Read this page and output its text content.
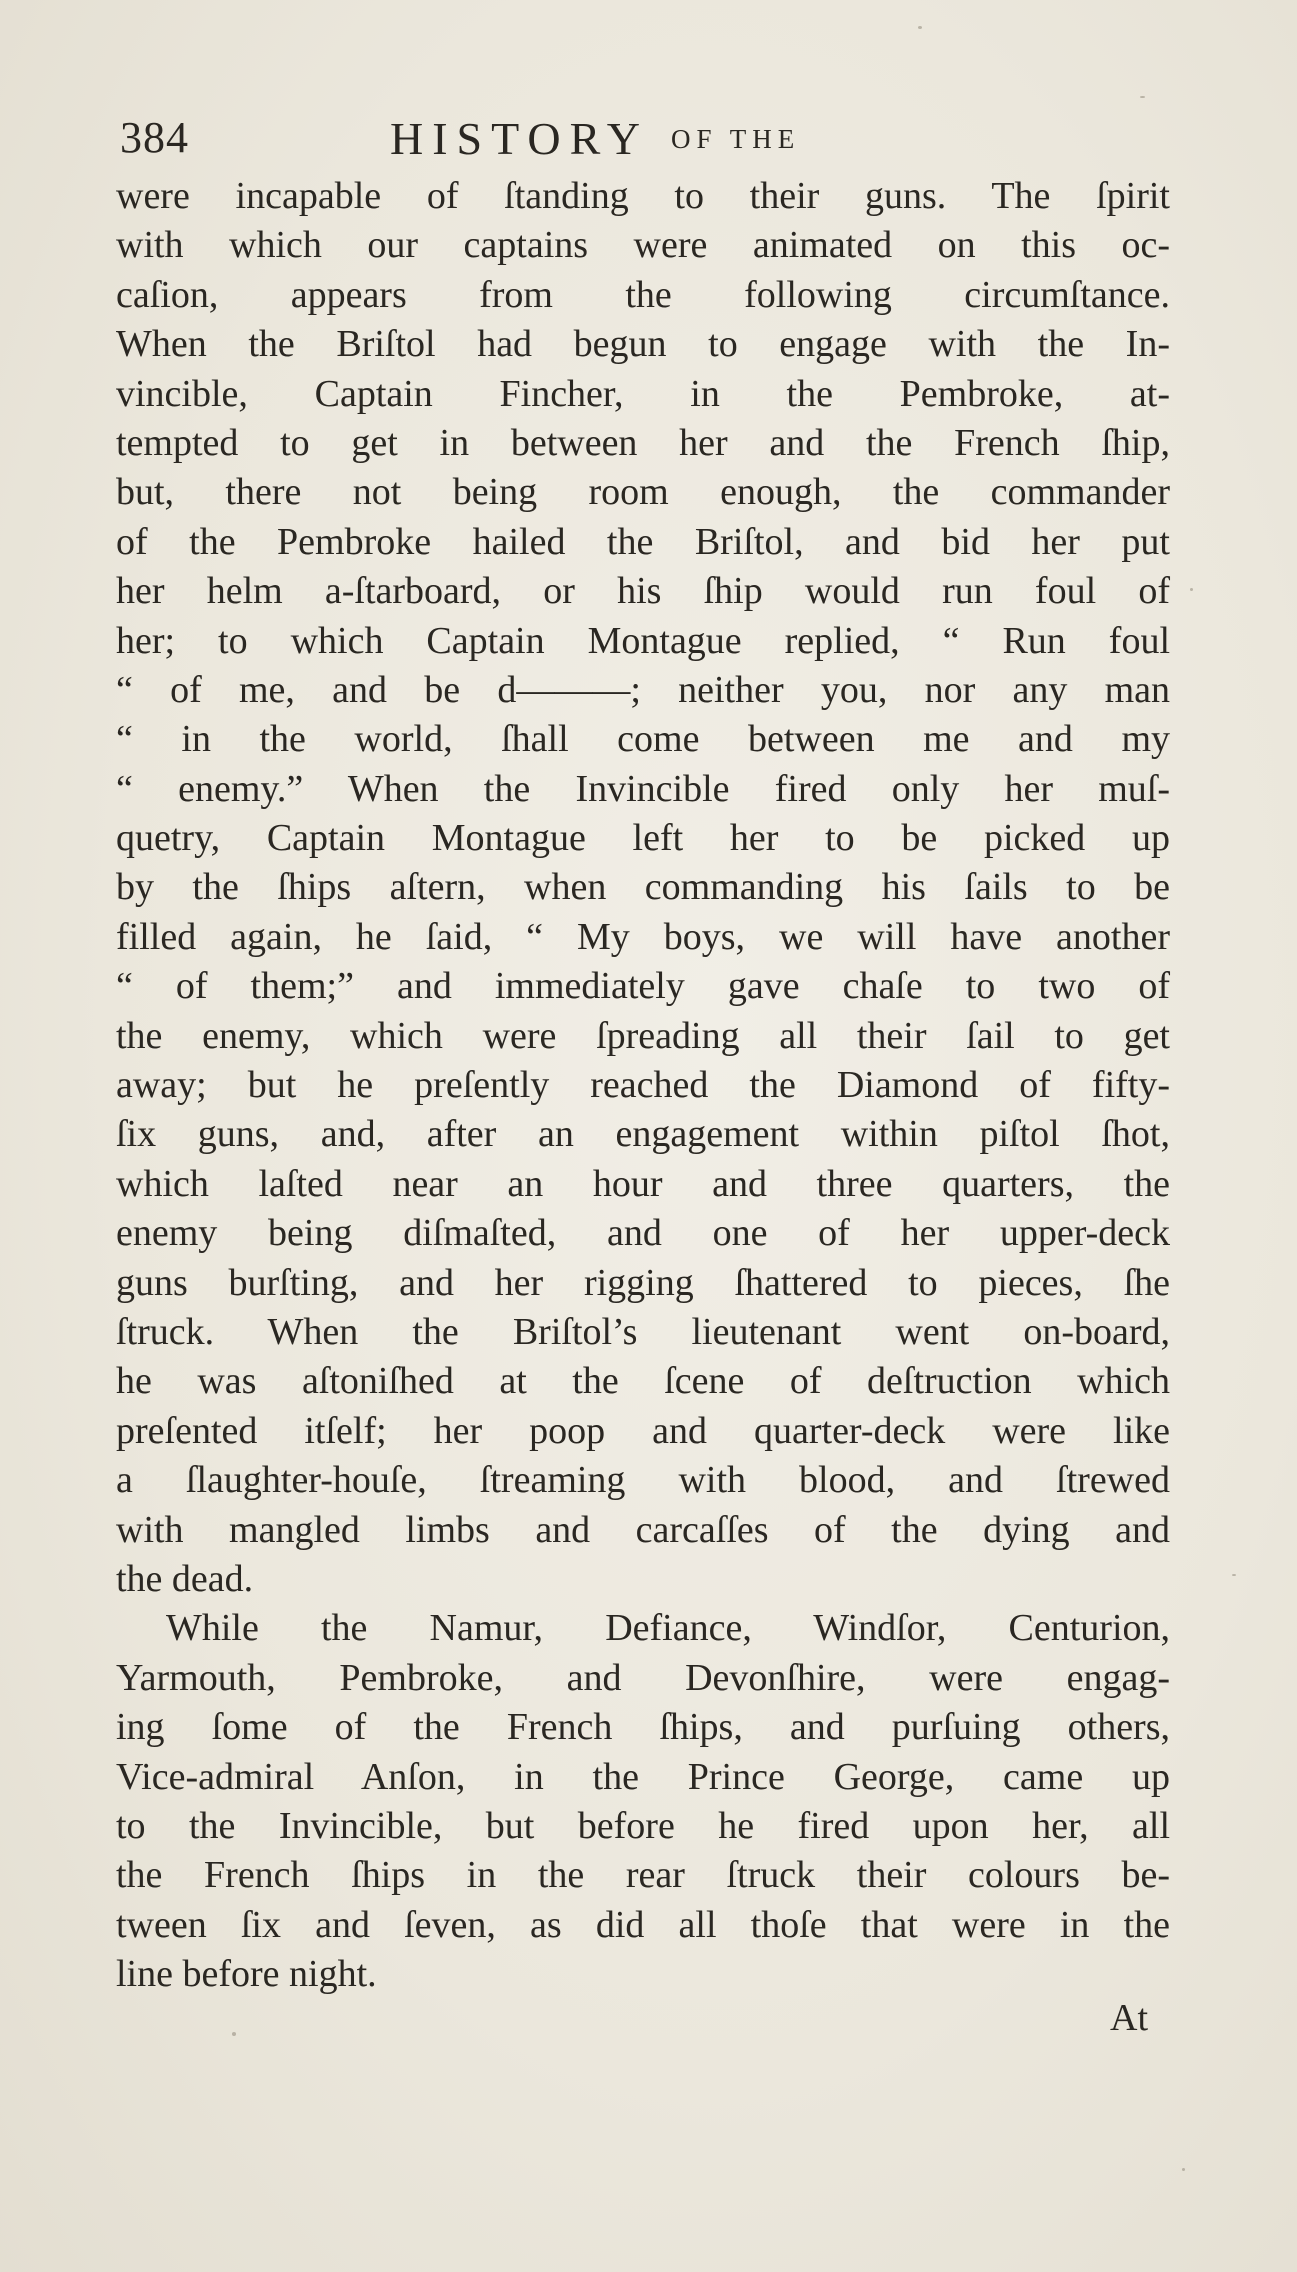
384	HISTORY OF THE
were incapable of ſtanding to their guns. The ſpirit
with which our captains were animated on this oc-
caſion, appears from the following circumſtance.
When the Briſtol had begun to engage with the In-
vincible, Captain Fincher, in the Pembroke, at-
tempted to get in between her and the French ſhip,
but, there not being room enough, the commander
of the Pembroke hailed the Briſtol, and bid her put
her helm a-ſtarboard, or his ſhip would run foul of
her; to which Captain Montague replied, “ Run foul
“ of me, and be d———; neither you, nor any man
“ in the world, ſhall come between me and my
“ enemy.” When the Invincible fired only her muſ-
quetry, Captain Montague left her to be picked up
by the ſhips aſtern, when commanding his ſails to be
filled again, he ſaid, “ My boys, we will have another
“ of them;” and immediately gave chaſe to two of
the enemy, which were ſpreading all their ſail to get
away; but he preſently reached the Diamond of fifty-
ſix guns, and, after an engagement within piſtol ſhot,
which laſted near an hour and three quarters, the
enemy being diſmaſted, and one of her upper-deck
guns burſting, and her rigging ſhattered to pieces, ſhe
ſtruck. When the Briſtol’s lieutenant went on-board,
he was aſtoniſhed at the ſcene of deſtruction which
preſented itſelf; her poop and quarter-deck were like
a ſlaughter-houſe, ſtreaming with blood, and ſtrewed
with mangled limbs and carcaſſes of the dying and
the dead.
While the Namur, Defiance, Windſor, Centurion,
Yarmouth, Pembroke, and Devonſhire, were engag-
ing ſome of the French ſhips, and purſuing others,
Vice-admiral Anſon, in the Prince George, came up
to the Invincible, but before he fired upon her, all
the French ſhips in the rear ſtruck their colours be-
tween ſix and ſeven, as did all thoſe that were in the
line before night.
At
